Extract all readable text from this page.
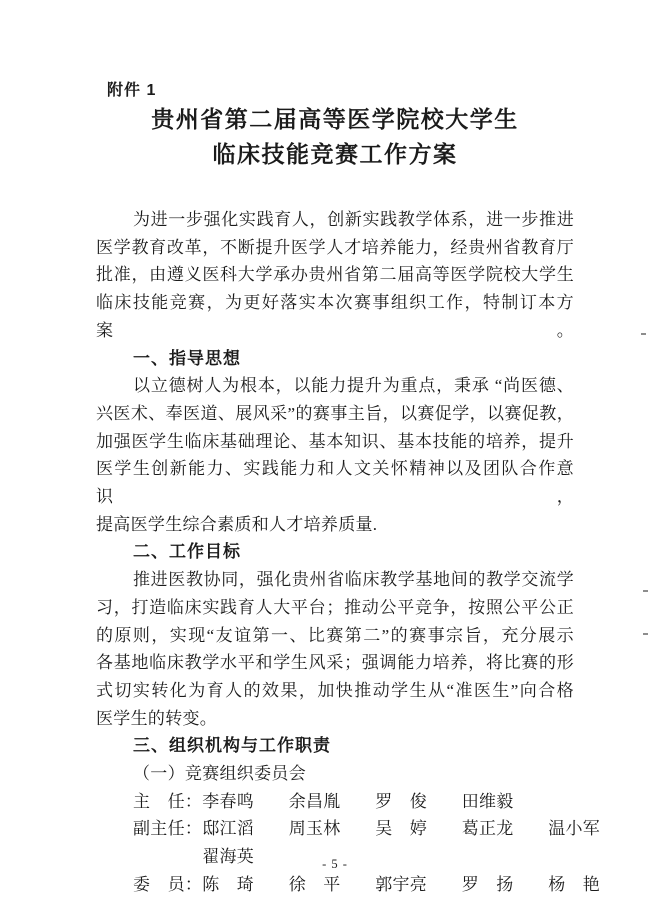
附件 1
贵州省第二届高等医学院校大学生
临床技能竞赛工作方案
为进一步强化实践育人，创新实践教学体系，进一步推进
医学教育改革，不断提升医学人才培养能力，经贵州省教育厅
批准，由遵义医科大学承办贵州省第二届高等医学院校大学生
临床技能竞赛，为更好落实本次赛事组织工作，特制订本方案。
一、指导思想
以立德树人为根本，以能力提升为重点，秉承 “尚医德、
兴医术、奉医道、展风采”的赛事主旨，以赛促学，以赛促教，
加强医学生临床基础理论、基本知识、基本技能的培养，提升
医学生创新能力、实践能力和人文关怀精神以及团队合作意识，
提高医学生综合素质和人才培养质量.
二、工作目标
推进医教协同，强化贵州省临床教学基地间的教学交流学
习，打造临床实践育人大平台；推动公平竞争，按照公平公正
的原则，实现“友谊第一、比赛第二”的赛事宗旨，充分展示
各基地临床教学水平和学生风采；强调能力培养，将比赛的形
式切实转化为育人的效果，加快推动学生从“准医生”向合格
医学生的转变。
三、组织机构与工作职责
（一）竞赛组织委员会
主　任：李春鸣　　余昌胤　　罗　俊　　田维毅
副主任：邸江滔　　周玉林　　吴　婷　　葛正龙　　温小军
　　　　翟海英
委　员：陈　琦　　徐　平　　郭宇亮　　罗　扬　　杨　艳
- 5 -
